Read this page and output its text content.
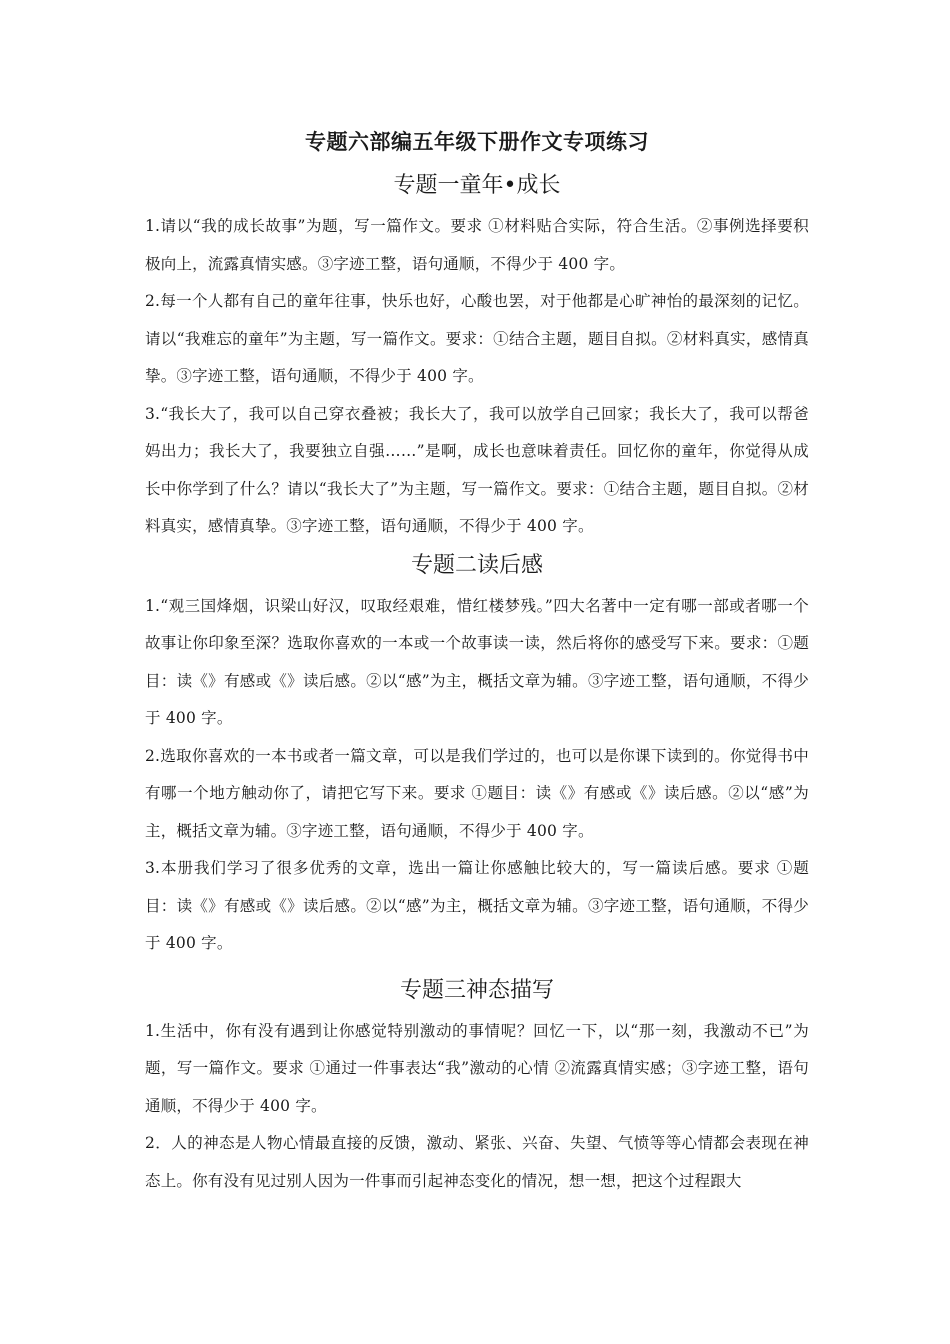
专题六部编五年级下册作文专项练习
专题一童年•成长

1.请以“我的成长故事”为题，写一篇作文。要求 ①材料贴合实际，符合生活。②事例选择要积极向上，流露真情实感。③字迹工整，语句通顺，不得少于 400 字。

2.每一个人都有自己的童年往事，快乐也好，心酸也罢，对于他都是心旷神怡的最深刻的记忆。请以“我难忘的童年”为主题，写一篇作文。要求：①结合主题，题目自拟。②材料真实，感情真挚。③字迹工整，语句通顺，不得少于 400 字。

3.“我长大了，我可以自己穿衣叠被；我长大了，我可以放学自己回家；我长大了，我可以帮爸妈出力；我长大了，我要独立自强……”是啊，成长也意味着责任。回忆你的童年，你觉得从成长中你学到了什么？请以“我长大了”为主题，写一篇作文。要求：①结合主题，题目自拟。②材料真实，感情真挚。③字迹工整，语句通顺，不得少于 400 字。

专题二读后感

1.“观三国烽烟，识梁山好汉，叹取经艰难，惜红楼梦残。”四大名著中一定有哪一部或者哪一个故事让你印象至深？选取你喜欢的一本或一个故事读一读，然后将你的感受写下来。要求：①题目：读《》有感或《》读后感。②以“感”为主，概括文章为辅。③字迹工整，语句通顺，不得少于 400 字。

2.选取你喜欢的一本书或者一篇文章，可以是我们学过的，也可以是你课下读到的。你觉得书中有哪一个地方触动你了，请把它写下来。要求 ①题目：读《》有感或《》读后感。②以“感”为主，概括文章为辅。③字迹工整，语句通顺，不得少于 400 字。

3.本册我们学习了很多优秀的文章，选出一篇让你感触比较大的，写一篇读后感。要求 ①题目：读《》有感或《》读后感。②以“感”为主，概括文章为辅。③字迹工整，语句通顺，不得少于 400 字。

专题三神态描写

1.生活中，你有没有遇到让你感觉特别激动的事情呢？回忆一下，以“那一刻，我激动不已”为题，写一篇作文。要求 ①通过一件事表达“我”激动的心情 ②流露真情实感；③字迹工整，语句通顺，不得少于 400 字。

2．人的神态是人物心情最直接的反馈，激动、紧张、兴奋、失望、气愤等等心情都会表现在神态上。你有没有见过别人因为一件事而引起神态变化的情况，想一想，把这个过程跟大
